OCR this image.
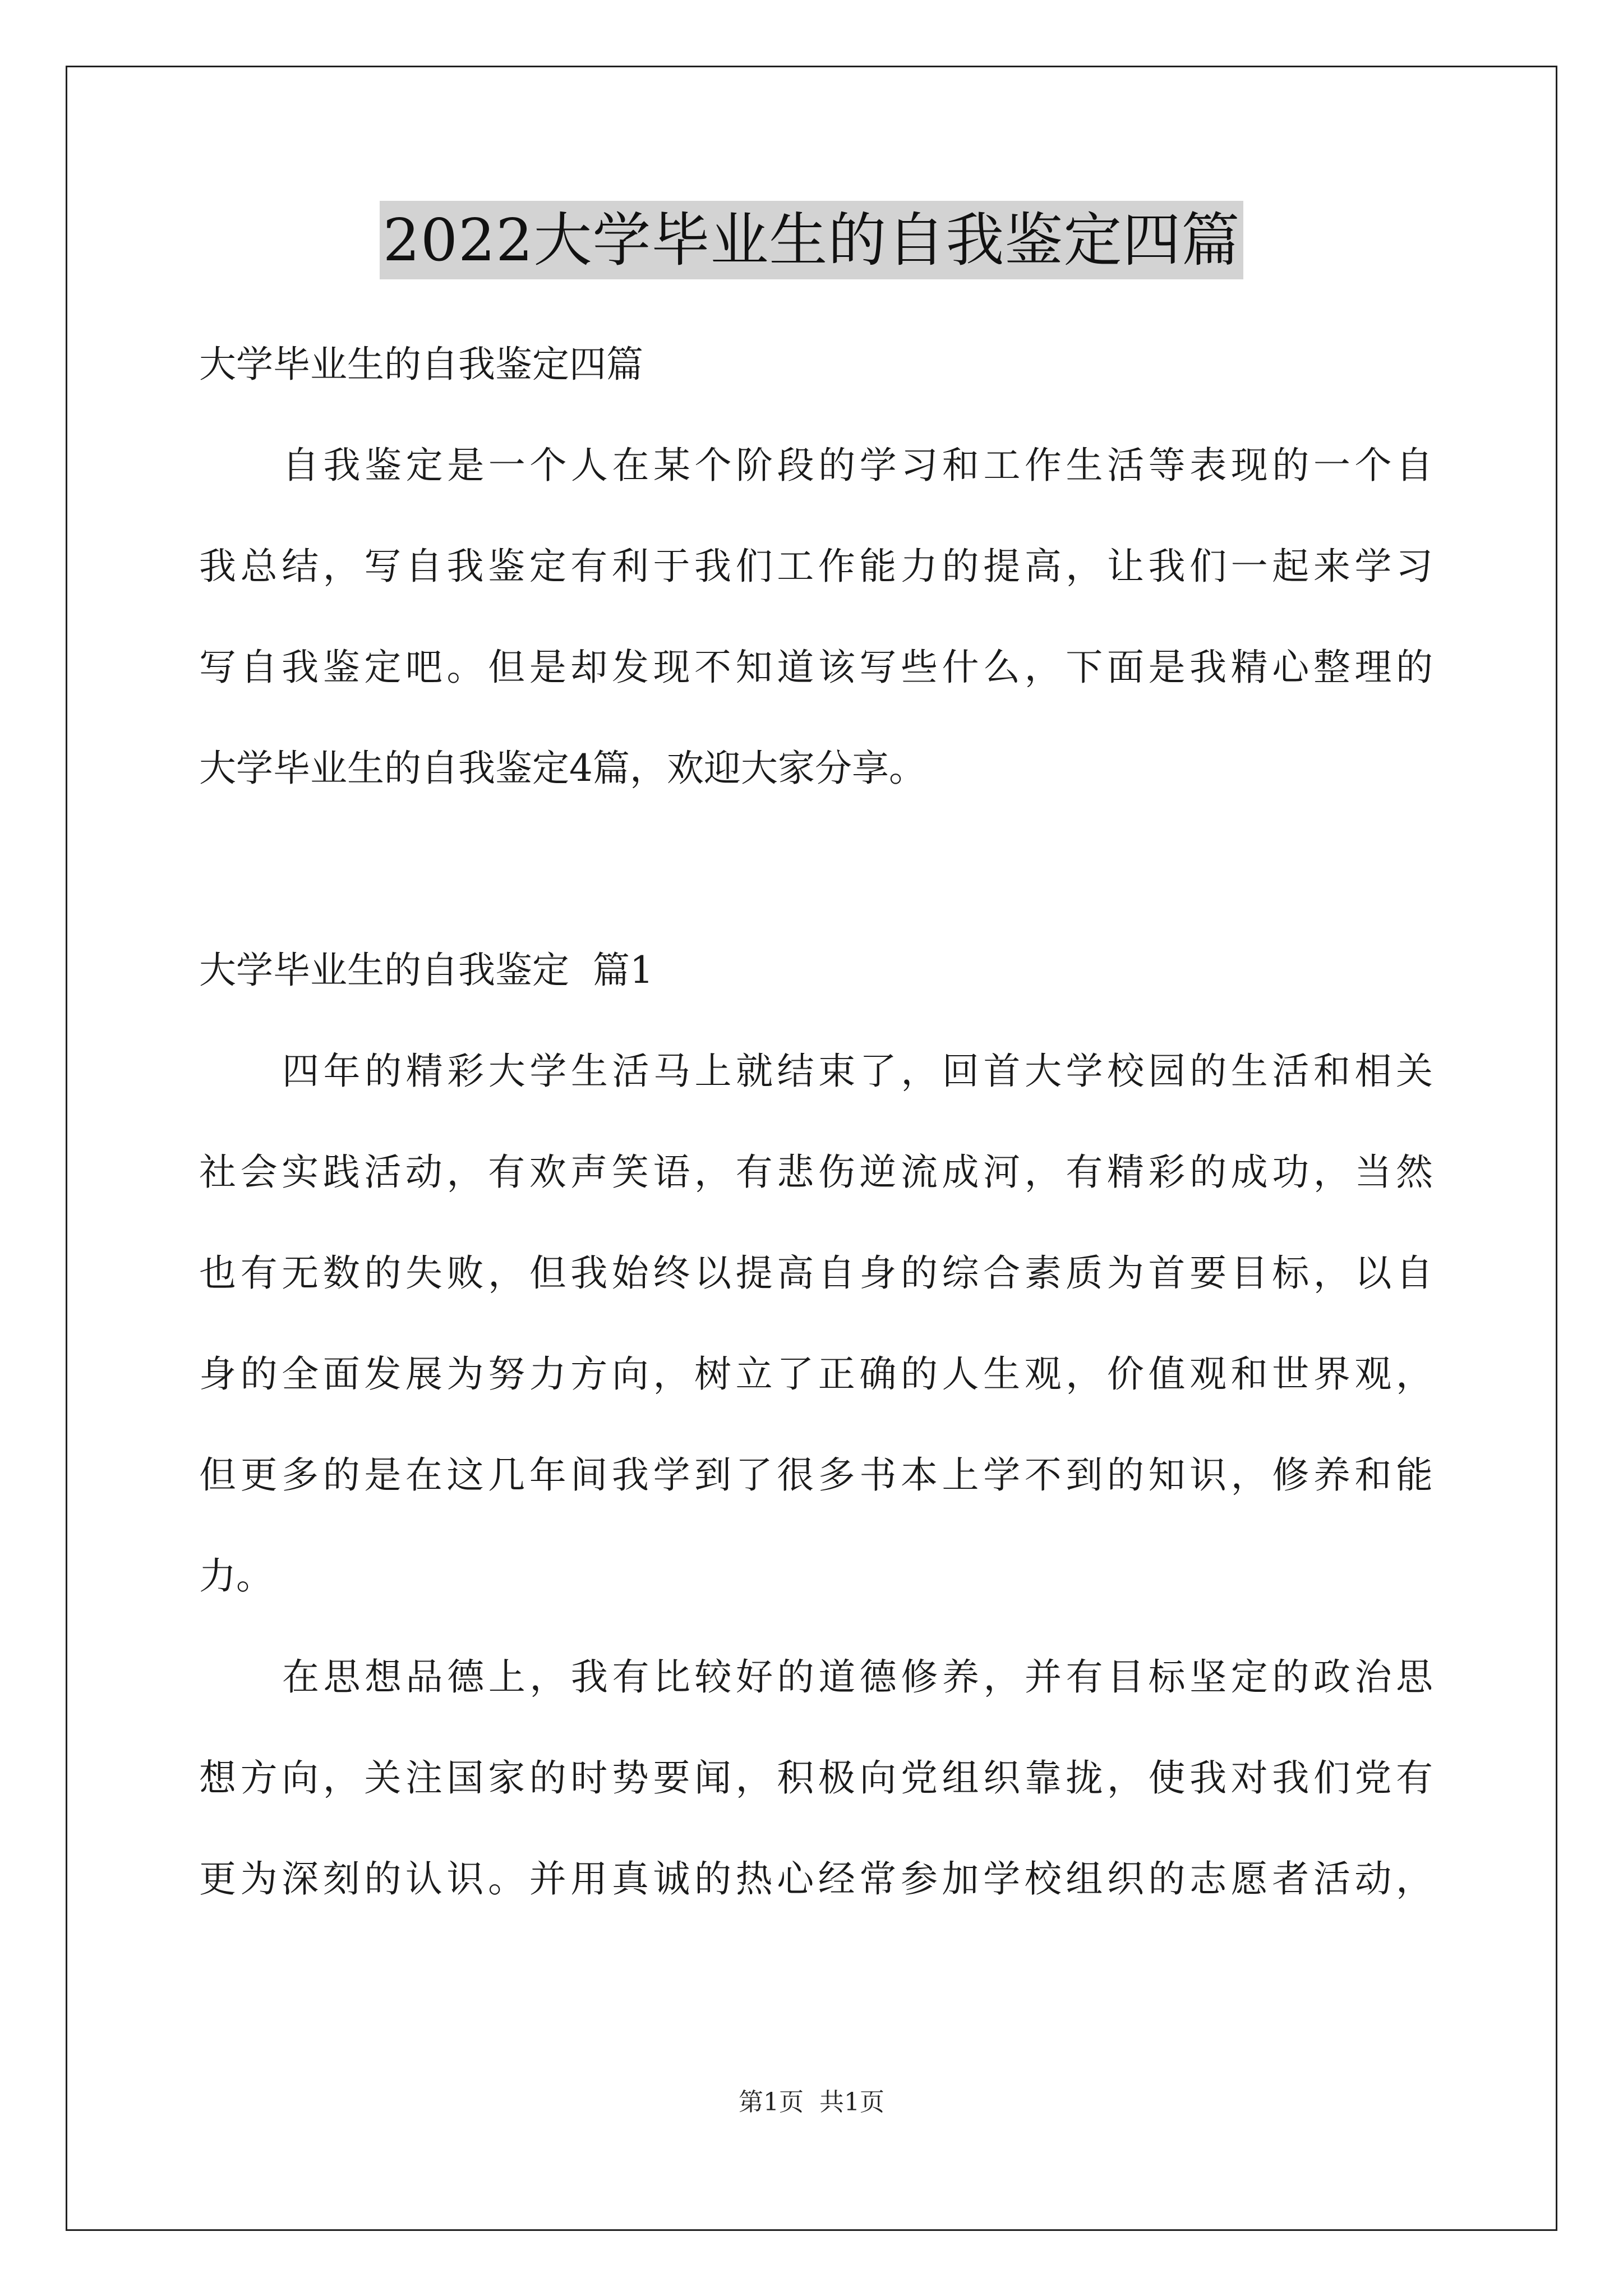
2022大学毕业生的自我鉴定四篇
大学毕业生的自我鉴定四篇
自我鉴定是一个人在某个阶段的学习和工作生活等表现的一个自
我总结，写自我鉴定有利于我们工作能力的提高，让我们一起来学习
写自我鉴定吧。但是却发现不知道该写些什么，下面是我精心整理的
大学毕业生的自我鉴定4篇，欢迎大家分享。
大学毕业生的自我鉴定  篇1
四年的精彩大学生活马上就结束了，回首大学校园的生活和相关
社会实践活动，有欢声笑语，有悲伤逆流成河，有精彩的成功，当然
也有无数的失败，但我始终以提高自身的综合素质为首要目标，以自
身的全面发展为努力方向，树立了正确的人生观，价值观和世界观，
但更多的是在这几年间我学到了很多书本上学不到的知识，修养和能
力。
在思想品德上，我有比较好的道德修养，并有目标坚定的政治思
想方向，关注国家的时势要闻，积极向党组织靠拢，使我对我们党有
更为深刻的认识。并用真诚的热心经常参加学校组织的志愿者活动，
第1页  共1页
